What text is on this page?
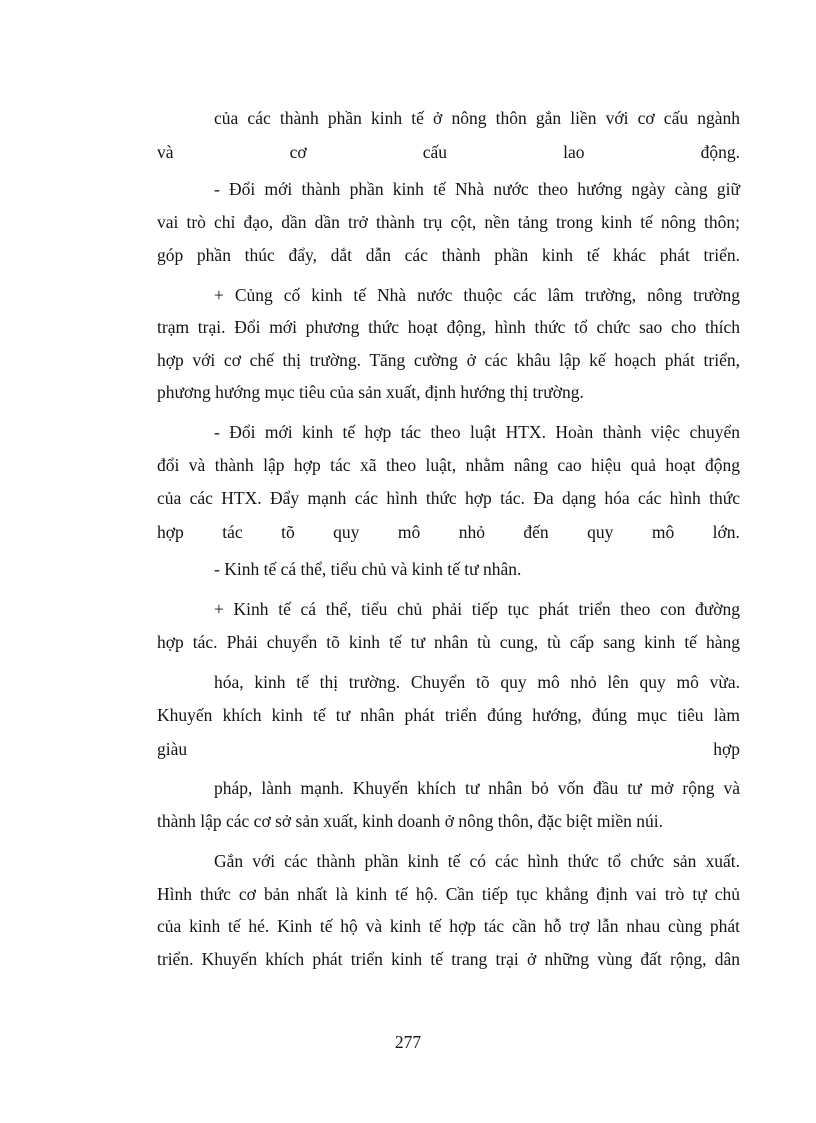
của các thành phần kinh tế ở nông thôn gắn liền với cơ cấu ngành
và	cơ	cấu	lao	động.
- Đổi mới thành phần kinh tế Nhà nước theo hướng ngày càng giữ
vai trò chỉ đạo, dần dần trở thành trụ cột, nền tảng trong kinh tế nông thôn;
góp phần thúc đẩy, dắt dẫn các thành phần kinh tế khác phát triển.
+ Củng cố kinh tế Nhà nước thuộc các lâm trường, nông trường
trạm trại. Đổi mới phương thức hoạt động, hình thức tổ chức sao cho thích
hợp với cơ chế thị trường. Tăng cường ở các khâu lập kế hoạch phát triển,
phương hướng mục tiêu của sản xuất, định hướng thị trường.
- Đổi mới kinh tế hợp tác theo luật HTX. Hoàn thành việc chuyển
đổi và thành lập hợp tác xã theo luật, nhằm nâng cao hiệu quả hoạt động
của các HTX. Đẩy mạnh các hình thức hợp tác. Đa dạng hóa các hình thức
hợp tác tõ quy mô nhỏ đến quy mô lớn.
- Kinh tế cá thể, tiểu chủ và kinh tế tư nhân.
+ Kinh tế cá thể, tiểu chủ phải tiếp tục phát triển theo con đường
hợp tác. Phải chuyển tõ kinh tế tư nhân tù cung, tù cấp sang kinh tế hàng
hóa, kinh tế thị trường. Chuyển tõ quy mô nhỏ lên quy mô vừa.
Khuyến khích kinh tế tư nhân phát triển đúng hướng, đúng mục tiêu làm
giàu	hợp
pháp, lành mạnh. Khuyến khích tư nhân bỏ vốn đầu tư mở rộng và
thành lập các cơ sở sản xuất, kinh doanh ở nông thôn, đặc biệt miền núi.
Gắn với các thành phần kinh tế có các hình thức tổ chức sản xuất.
Hình thức cơ bản nhất là kinh tế hộ. Cần tiếp tục khẳng định vai trò tự chủ
của kinh tế hé. Kinh tế hộ và kinh tế hợp tác cần hỗ trợ lẫn nhau cùng phát
triển. Khuyến khích phát triển kinh tế trang trại ở những vùng đất rộng, dân
277
